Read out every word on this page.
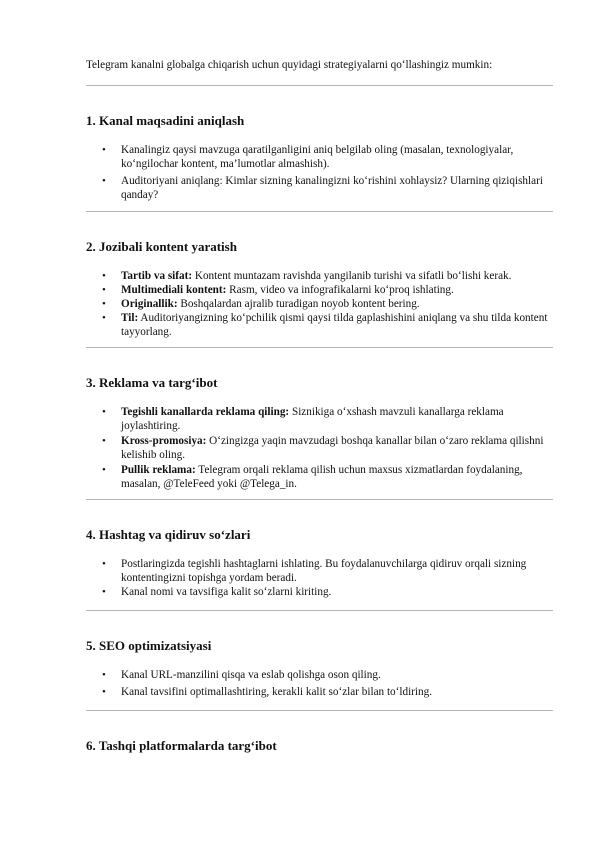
Telegram kanalni globalga chiqarish uchun quyidagi strategiyalarni qo‘llashingiz mumkin:

1. Kanal maqsadini aniqlash
• Kanalingiz qaysi mavzuga qaratilganligini aniq belgilab oling (masalan, texnologiyalar, ko‘ngilochar kontent, ma’lumotlar almashish).
• Auditoriyani aniqlang: Kimlar sizning kanalingizni ko‘rishini xohlaysiz? Ularning qiziqishlari qanday?
2. Jozibali kontent yaratish
• Tartib va sifat: Kontent muntazam ravishda yangilanib turishi va sifatli bo‘lishi kerak.
• Multimediali kontent: Rasm, video va infografikalarni ko‘proq ishlating.
• Originallik: Boshqalardan ajralib turadigan noyob kontent bering.
• Til: Auditoriyangizning ko‘pchilik qismi qaysi tilda gaplashishini aniqlang va shu tilda kontent tayyorlang.
3. Reklama va targ‘ibot
• Tegishli kanallarda reklama qiling: Siznikiga o‘xshash mavzuli kanallarga reklama joylashtiring.
• Kross-promosiya: O‘zingizga yaqin mavzudagi boshqa kanallar bilan o‘zaro reklama qilishni kelishib oling.
• Pullik reklama: Telegram orqali reklama qilish uchun maxsus xizmatlardan foydalaning, masalan, @TeleFeed yoki @Telega_in.
4. Hashtag va qidiruv so‘zlari
• Postlaringizda tegishli hashtaglarni ishlating. Bu foydalanuvchilarga qidiruv orqali sizning kontentingizni topishga yordam beradi.
• Kanal nomi va tavsifiga kalit so‘zlarni kiriting.
5. SEO optimizatsiyasi
• Kanal URL-manzilini qisqa va eslab qolishga oson qiling.
• Kanal tavsifini optimallashtiring, kerakli kalit so‘zlar bilan to‘ldiring.
6. Tashqi platformalarda targ‘ibot
